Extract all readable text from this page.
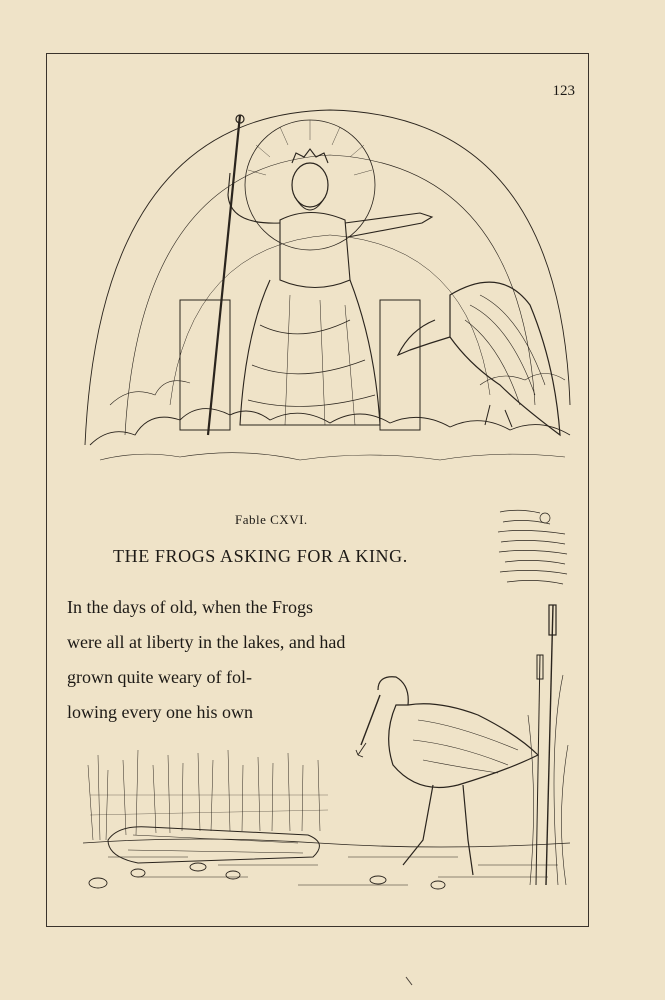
123
Fable CXVI.
THE FROGS ASKING FOR A KING.
In the days of old, when the Frogs
were all at liberty in the lakes, and had
grown quite weary of fol-
lowing every one his own
